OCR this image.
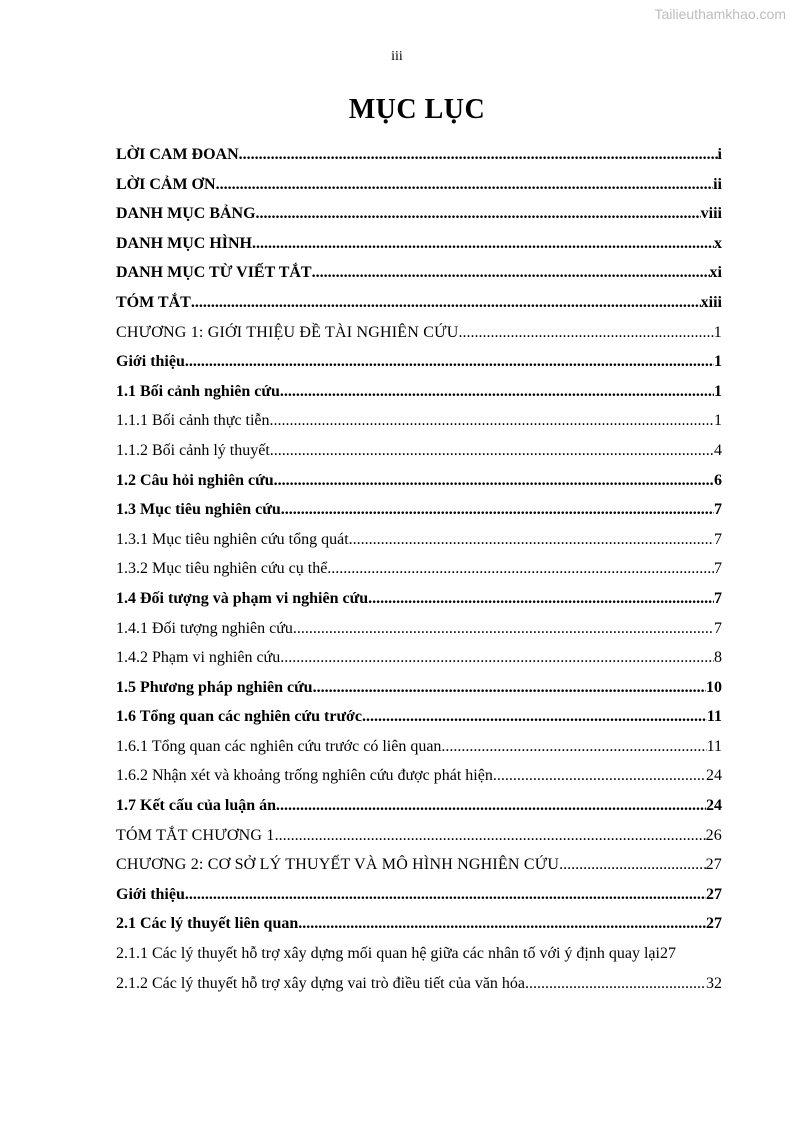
Tailieuthamkhao.com
iii
MỤC LỤC
LỜI CAM ĐOAN .....	i
LỜI CẢM ƠN .....	ii
DANH MỤC BẢNG .....	viii
DANH MỤC HÌNH .....	x
DANH MỤC TỪ VIẾT TẮT .....	xi
TÓM TẮT .....	xiii
CHƯƠNG 1: GIỚI THIỆU ĐỀ TÀI NGHIÊN CỨU .....	1
Giới thiệu .....	1
1.1 Bối cảnh nghiên cứu .....	1
1.1.1 Bối cảnh thực tiễn .....	1
1.1.2 Bối cảnh lý thuyết .....	4
1.2 Câu hỏi nghiên cứu .....	6
1.3 Mục tiêu nghiên cứu .....	7
1.3.1 Mục tiêu nghiên cứu tổng quát .....	7
1.3.2 Mục tiêu nghiên cứu cụ thể .....	7
1.4 Đối tượng và phạm vi nghiên cứu .....	7
1.4.1 Đối tượng nghiên cứu .....	7
1.4.2 Phạm vi nghiên cứu .....	8
1.5 Phương pháp nghiên cứu .....	10
1.6 Tổng quan các nghiên cứu trước .....	11
1.6.1 Tổng quan các nghiên cứu trước có liên quan .....	11
1.6.2 Nhận xét và khoảng trống nghiên cứu được phát hiện .....	24
1.7 Kết cấu của luận án .....	24
TÓM TẮT CHƯƠNG 1 .....	26
CHƯƠNG 2: CƠ SỞ LÝ THUYẾT VÀ MÔ HÌNH NGHIÊN CỨU .....	27
Giới thiệu .....	27
2.1 Các lý thuyết liên quan .....	27
2.1.1 Các lý thuyết hỗ trợ xây dựng mối quan hệ giữa các nhân tố với ý định quay lại 27
2.1.2 Các lý thuyết hỗ trợ xây dựng vai trò điều tiết của văn hóa .....	32
